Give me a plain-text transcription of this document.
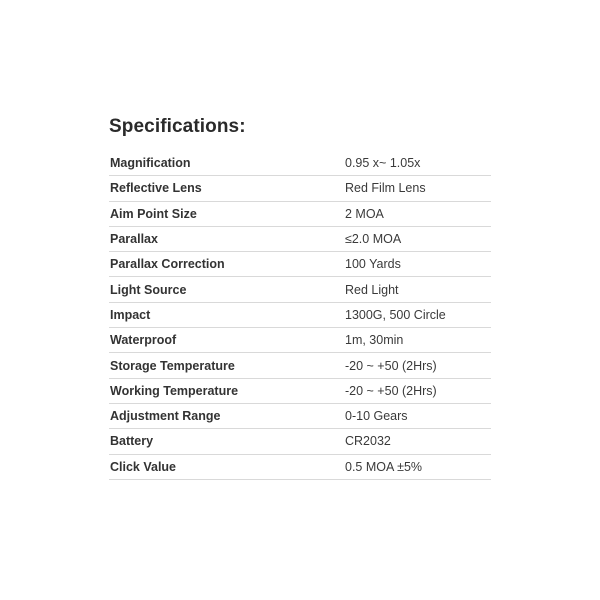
Specifications:
Magnification	0.95 x~ 1.05x
Reflective Lens	Red Film Lens
Aim Point Size	2 MOA
Parallax	≤2.0 MOA
Parallax Correction	100 Yards
Light Source	Red Light
Impact	1300G, 500 Circle
Waterproof	1m, 30min
Storage Temperature	-20 ~ +50 (2Hrs)
Working Temperature	-20 ~ +50 (2Hrs)
Adjustment Range	0-10 Gears
Battery	CR2032
Click Value	0.5 MOA ±5%
